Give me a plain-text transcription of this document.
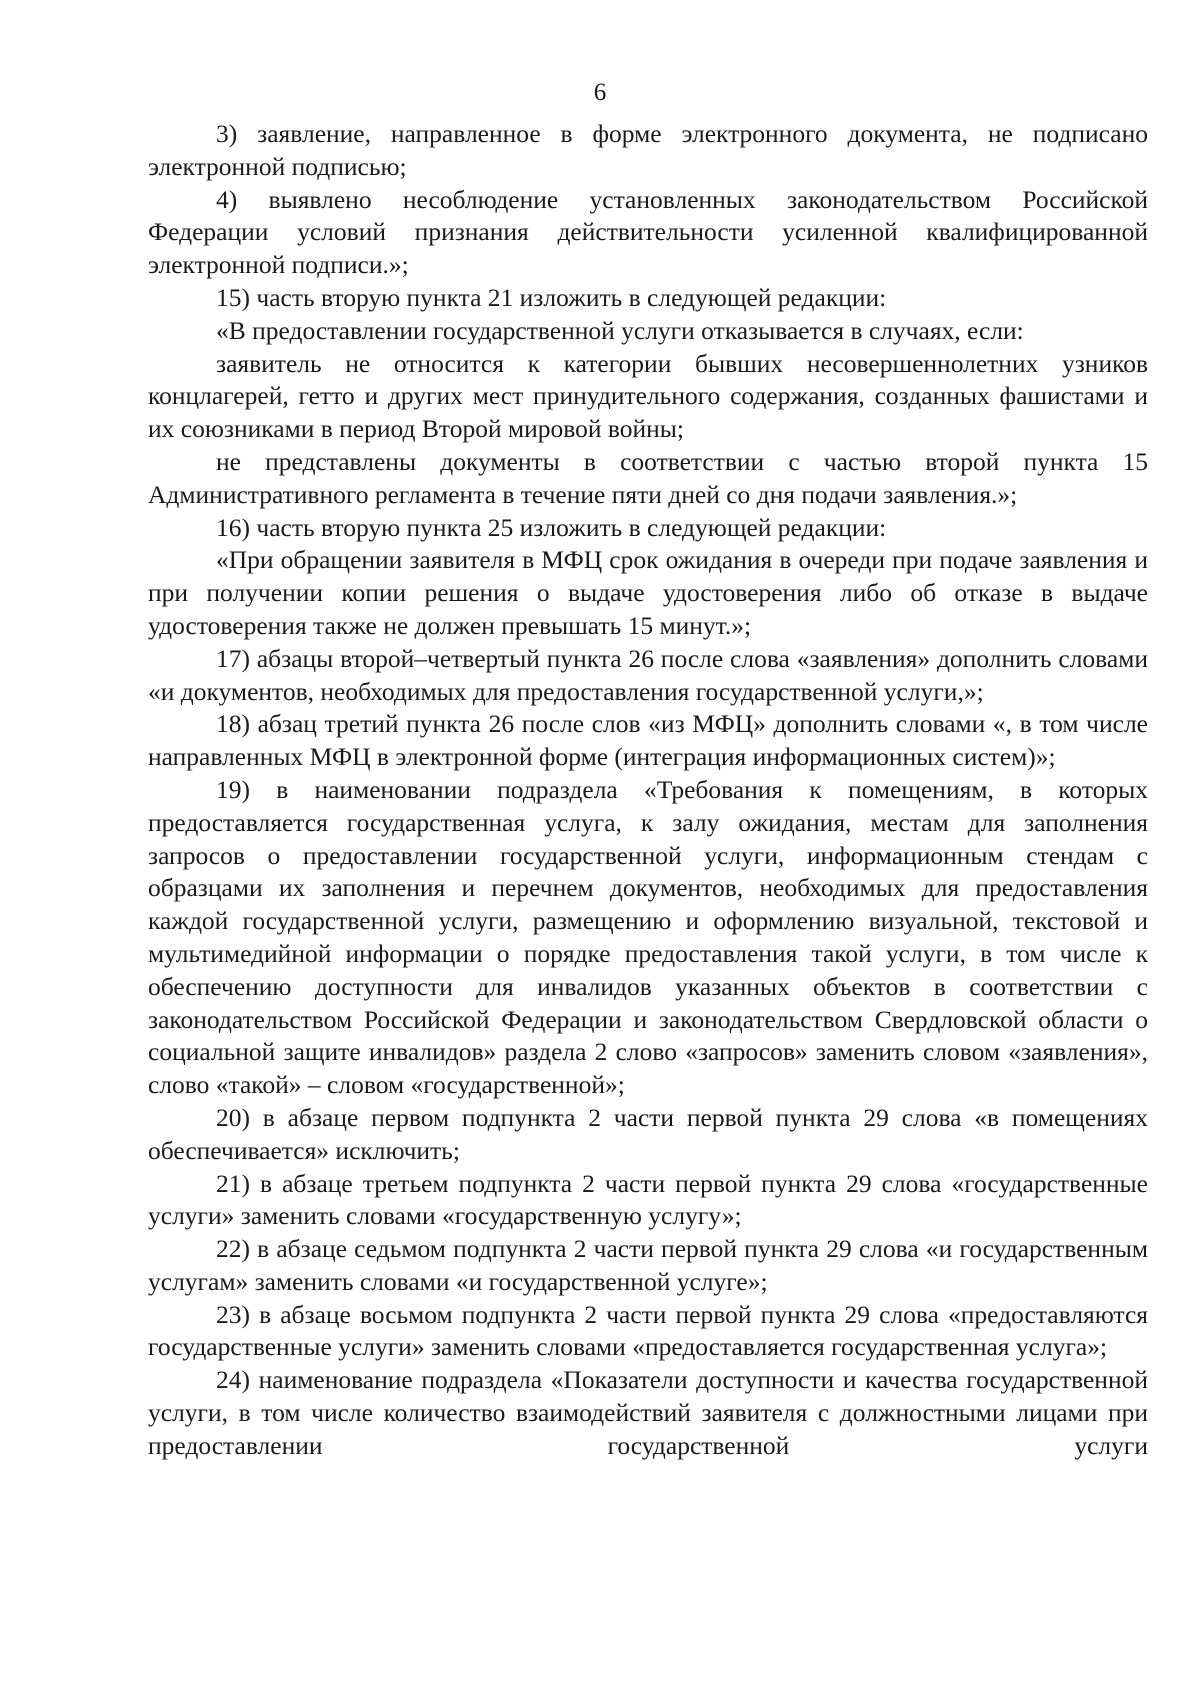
6

3) заявление, направленное в форме электронного документа, не подписано электронной подписью;

4) выявлено несоблюдение установленных законодательством Российской Федерации условий признания действительности усиленной квалифицированной электронной подписи.»;

15) часть вторую пункта 21 изложить в следующей редакции:

«В предоставлении государственной услуги отказывается в случаях, если:

заявитель не относится к категории бывших несовершеннолетних узников концлагерей, гетто и других мест принудительного содержания, созданных фашистами и их союзниками в период Второй мировой войны;

не представлены документы в соответствии с частью второй пункта 15 Административного регламента в течение пяти дней со дня подачи заявления.»;

16) часть вторую пункта 25 изложить в следующей редакции:

«При обращении заявителя в МФЦ срок ожидания в очереди при подаче заявления и при получении копии решения о выдаче удостоверения либо об отказе в выдаче удостоверения также не должен превышать 15 минут.»;

17) абзацы второй–четвертый пункта 26 после слова «заявления» дополнить словами «и документов, необходимых для предоставления государственной услуги,»;

18) абзац третий пункта 26 после слов «из МФЦ» дополнить словами «, в том числе направленных МФЦ в электронной форме (интеграция информационных систем)»;

19) в наименовании подраздела «Требования к помещениям, в которых предоставляется государственная услуга, к залу ожидания, местам для заполнения запросов о предоставлении государственной услуги, информационным стендам с образцами их заполнения и перечнем документов, необходимых для предоставления каждой государственной услуги, размещению и оформлению визуальной, текстовой и мультимедийной информации о порядке предоставления такой услуги, в том числе к обеспечению доступности для инвалидов указанных объектов в соответствии с законодательством Российской Федерации и законодательством Свердловской области о социальной защите инвалидов» раздела 2 слово «запросов» заменить словом «заявления», слово «такой» – словом «государственной»;

20) в абзаце первом подпункта 2 части первой пункта 29 слова «в помещениях обеспечивается» исключить;

21) в абзаце третьем подпункта 2 части первой пункта 29 слова «государственные услуги» заменить словами «государственную услугу»;

22) в абзаце седьмом подпункта 2 части первой пункта 29 слова «и государственным услугам» заменить словами «и государственной услуге»;

23) в абзаце восьмом подпункта 2 части первой пункта 29 слова «предоставляются государственные услуги» заменить словами «предоставляется государственная услуга»;

24) наименование подраздела «Показатели доступности и качества государственной услуги, в том числе количество взаимодействий заявителя с должностными лицами при предоставлении государственной услуги
